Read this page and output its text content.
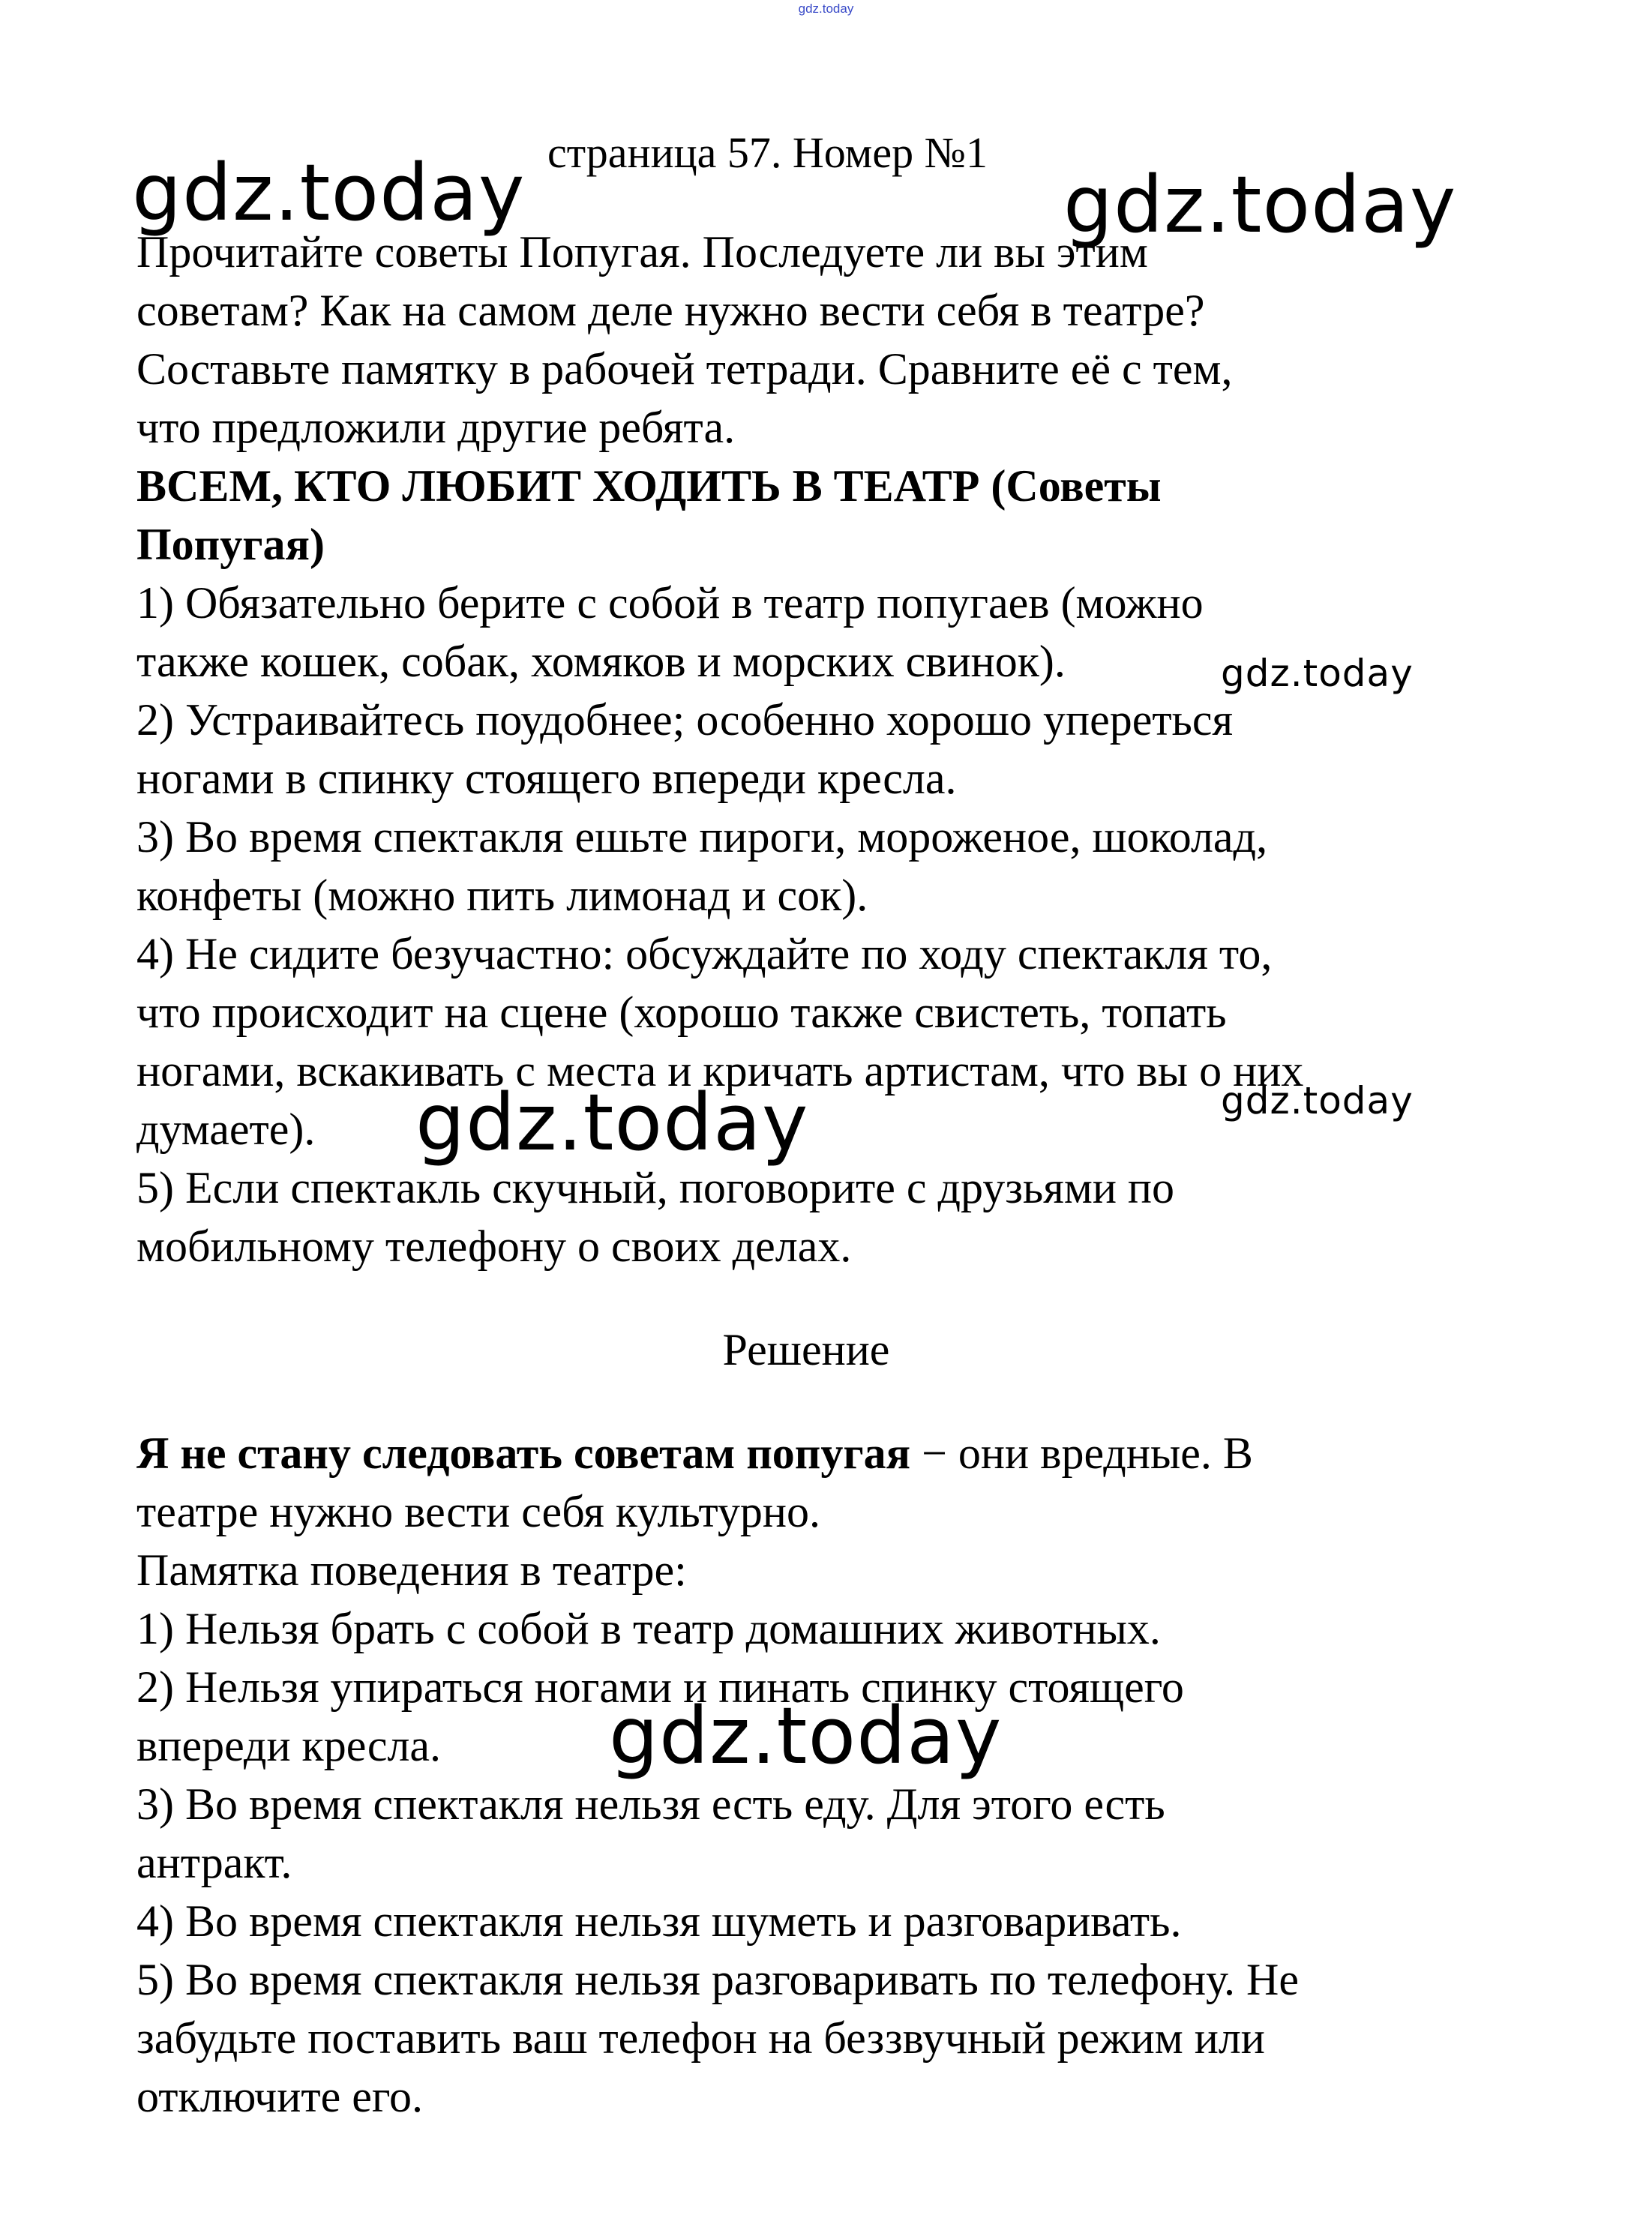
gdz.today
страница 57. Номер №1
gdz.today	gdz.today
gdz.today
gdz.today
gdz.today
gdz.today
Прочитайте советы Попугая. Последуете ли вы этим
советам? Как на самом деле нужно вести себя в театре?
Составьте памятку в рабочей тетради. Сравните её с тем,
что предложили другие ребята.
ВСЕМ, КТО ЛЮБИТ ХОДИТЬ В ТЕАТР (Советы
Попугая)
1) Обязательно берите с собой в театр попугаев (можно
также кошек, собак, хомяков и морских свинок).
2) Устраивайтесь поудобнее; особенно хорошо упереться
ногами в спинку стоящего впереди кресла.
3) Во время спектакля ешьте пироги, мороженое, шоколад,
конфеты (можно пить лимонад и сок).
4) Не сидите безучастно: обсуждайте по ходу спектакля то,
что происходит на сцене (хорошо также свистеть, топать
ногами, вскакивать с места и кричать артистам, что вы о них
думаете).
5) Если спектакль скучный, поговорите с друзьями по
мобильному телефону о своих делах.
Решение
Я не стану следовать советам попугая − они вредные. В
театре нужно вести себя культурно.
Памятка поведения в театре:
1) Нельзя брать с собой в театр домашних животных.
2) Нельзя упираться ногами и пинать спинку стоящего
впереди кресла.
3) Во время спектакля нельзя есть еду. Для этого есть
антракт.
4) Во время спектакля нельзя шуметь и разговаривать.
5) Во время спектакля нельзя разговаривать по телефону. Не
забудьте поставить ваш телефон на беззвучный режим или
отключите его.
